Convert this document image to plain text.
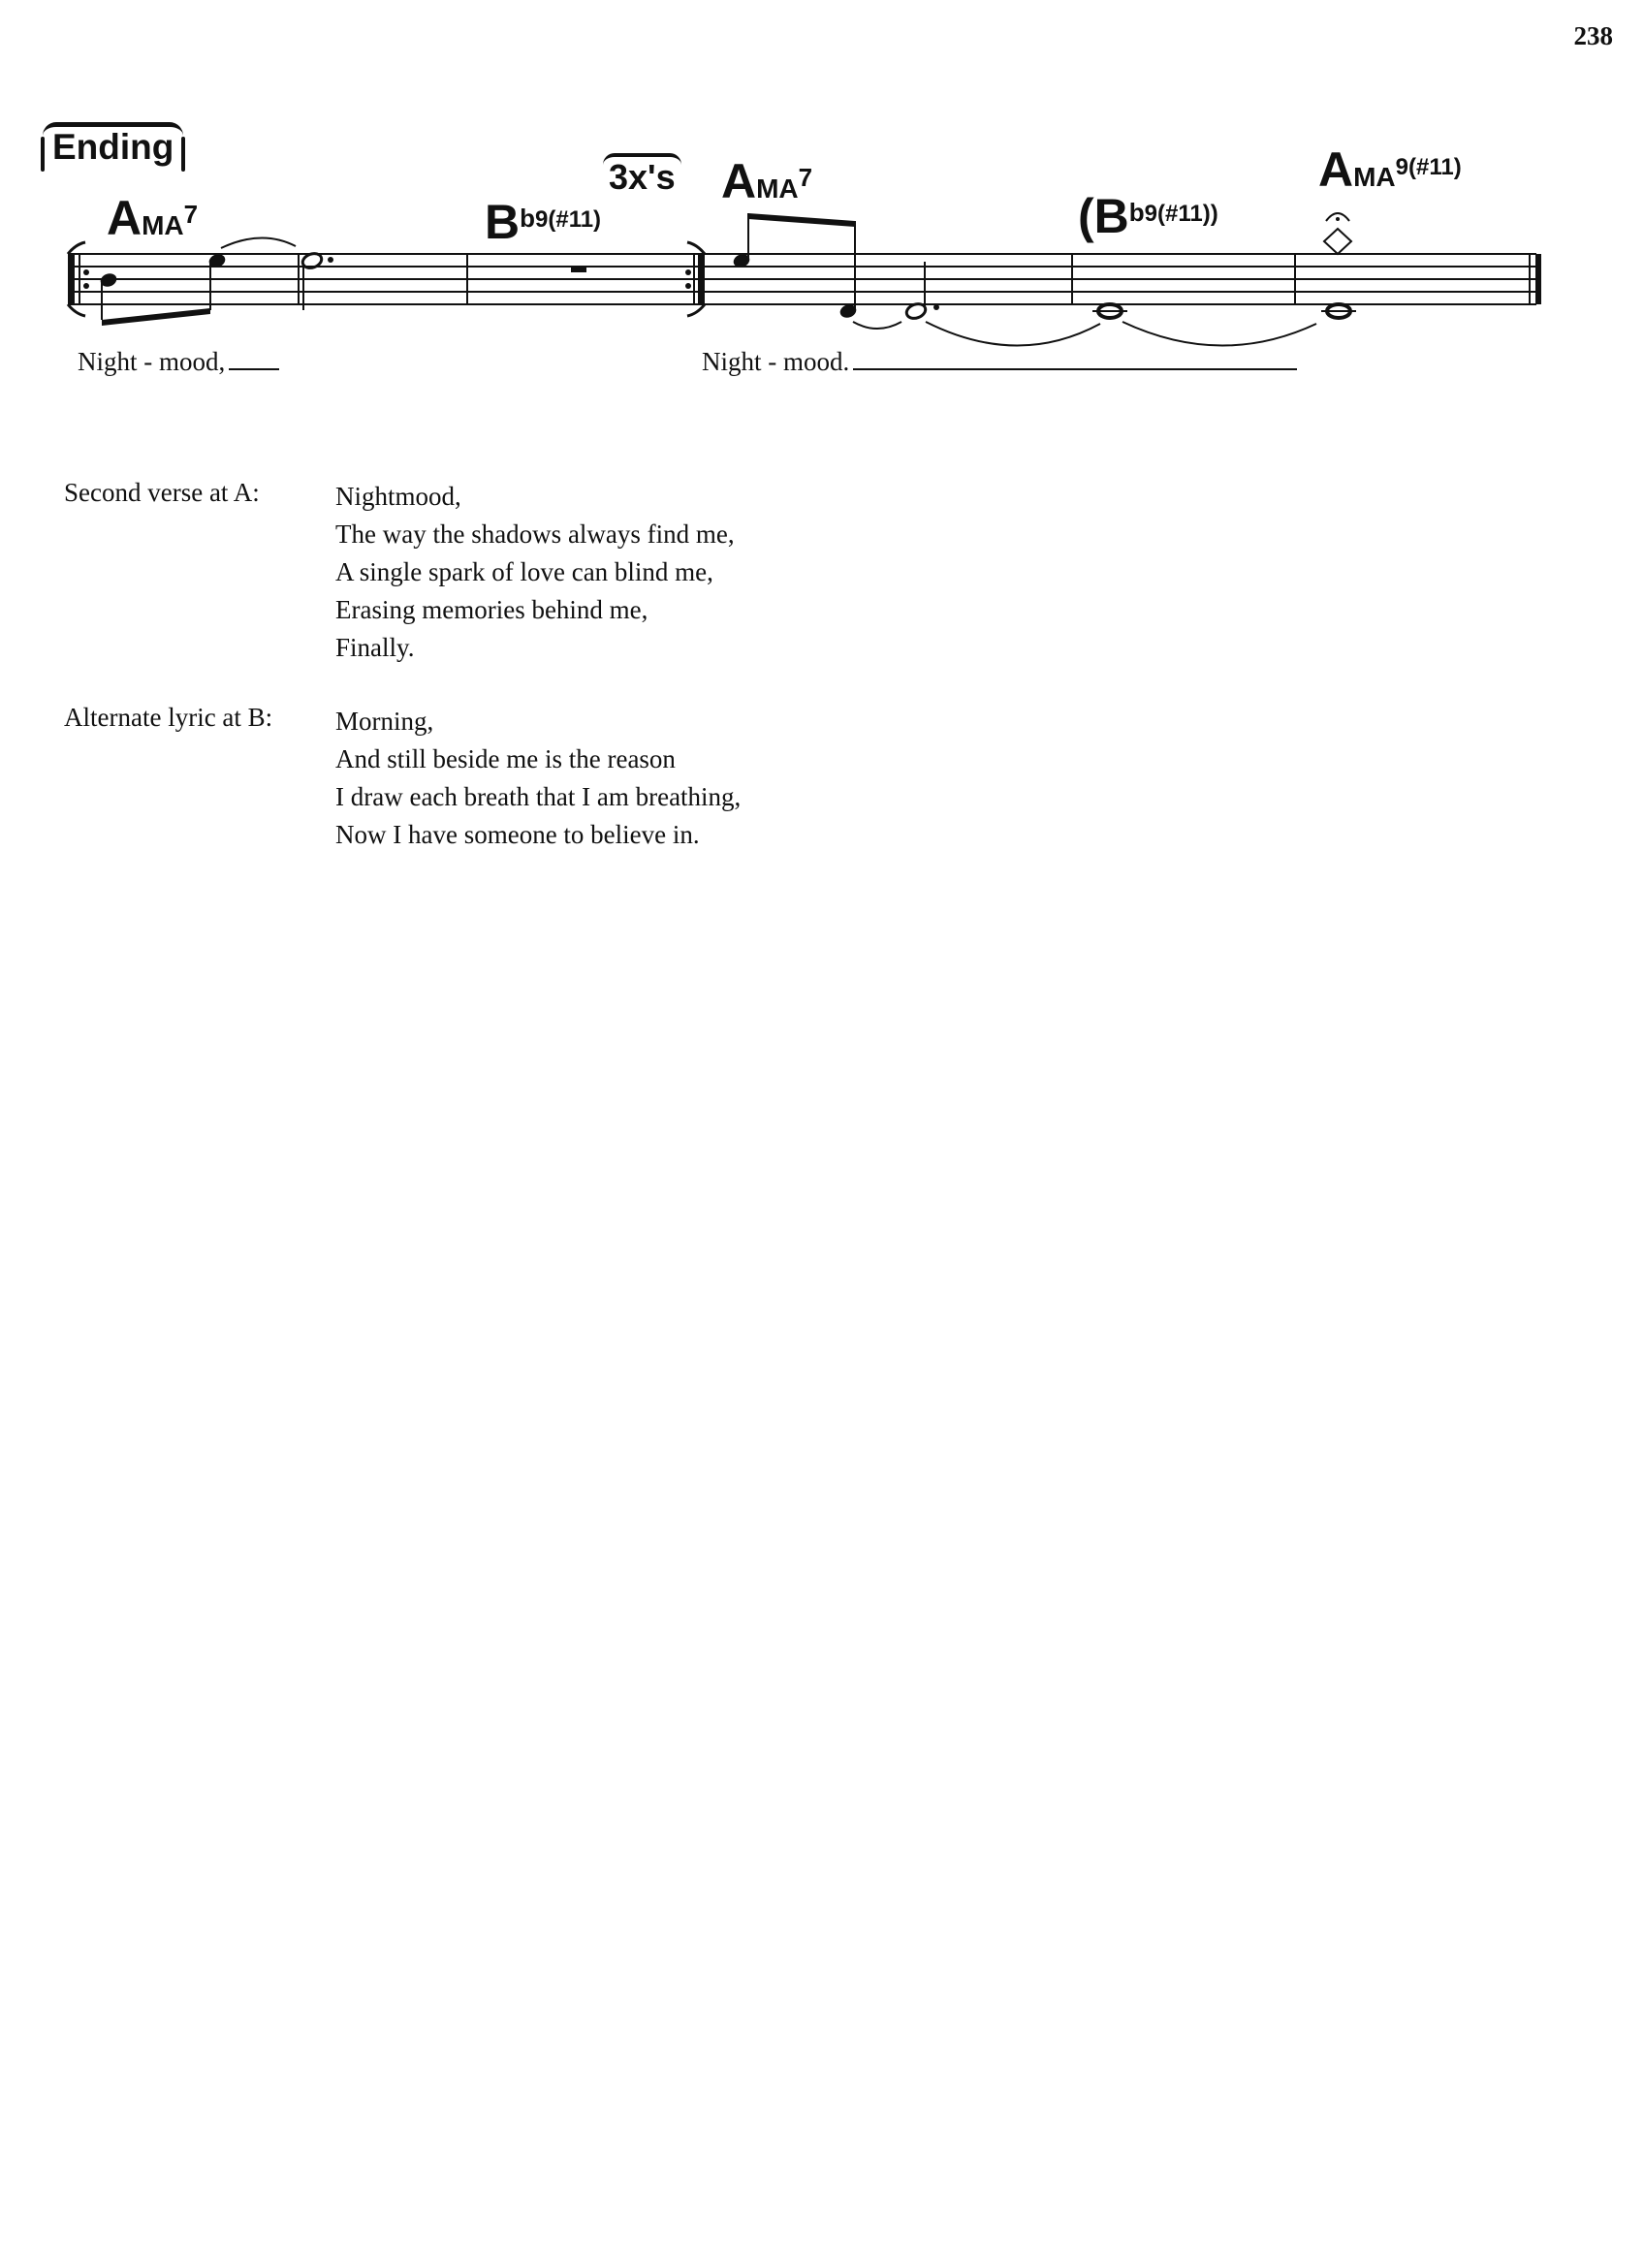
238
Ending
AMA$^7$	$B^{b9(\#11)}$
3x's AMA$^7$
($B^{b9(\#11))}$
$AMA^{9(\#11)}$
Night - mood,	Night - mood.
Second verse at A:	Nightmood,
The way the shadows always find me,
A single spark of love can blind me,
Erasing memories behind me,
Finally.
Alternate lyric at B: Morning,
And still beside me is the reason
I draw each breath that I am breathing,
Now I have someone to believe in.
